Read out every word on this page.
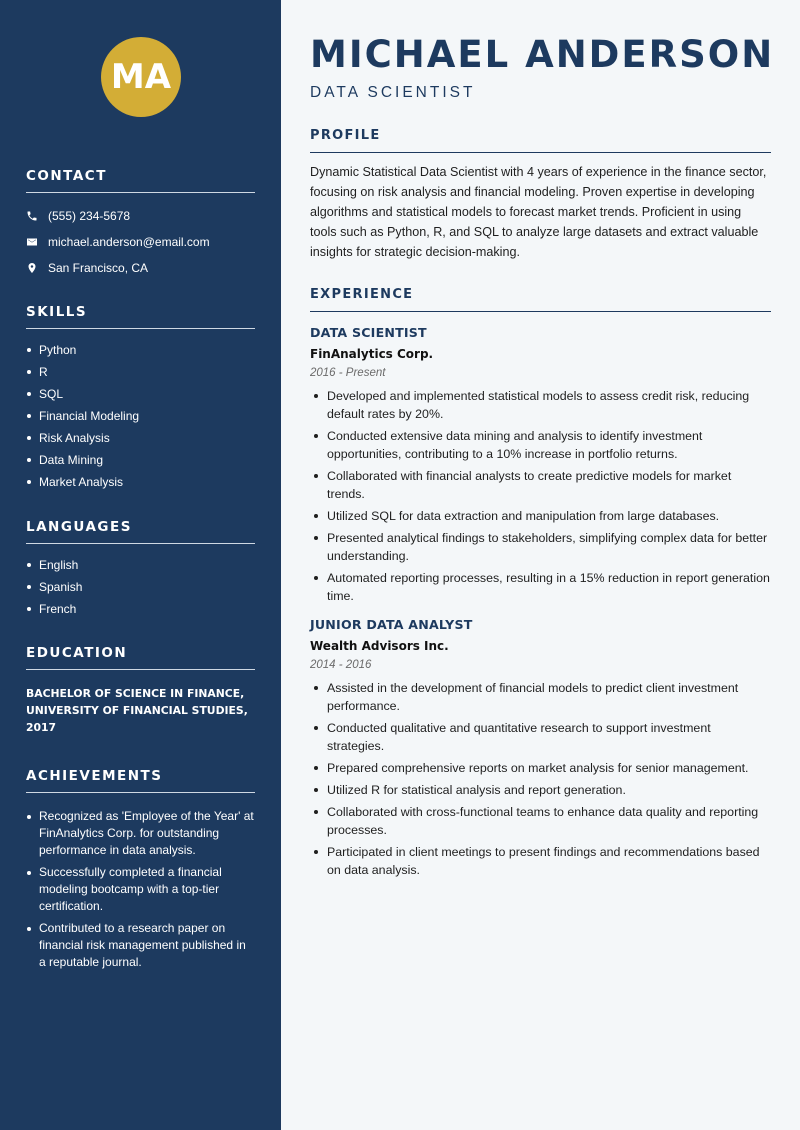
MA
CONTACT
(555) 234-5678
michael.anderson@email.com
San Francisco, CA
SKILLS
Python
R
SQL
Financial Modeling
Risk Analysis
Data Mining
Market Analysis
LANGUAGES
English
Spanish
French
EDUCATION
BACHELOR OF SCIENCE IN FINANCE, UNIVERSITY OF FINANCIAL STUDIES, 2017
ACHIEVEMENTS
Recognized as 'Employee of the Year' at FinAnalytics Corp. for outstanding performance in data analysis.
Successfully completed a financial modeling bootcamp with a top-tier certification.
Contributed to a research paper on financial risk management published in a reputable journal.
MICHAEL ANDERSON
DATA SCIENTIST
PROFILE
Dynamic Statistical Data Scientist with 4 years of experience in the finance sector, focusing on risk analysis and financial modeling. Proven expertise in developing algorithms and statistical models to forecast market trends. Proficient in using tools such as Python, R, and SQL to analyze large datasets and extract valuable insights for strategic decision-making.
EXPERIENCE
DATA SCIENTIST
FinAnalytics Corp.
2016 - Present
Developed and implemented statistical models to assess credit risk, reducing default rates by 20%.
Conducted extensive data mining and analysis to identify investment opportunities, contributing to a 10% increase in portfolio returns.
Collaborated with financial analysts to create predictive models for market trends.
Utilized SQL for data extraction and manipulation from large databases.
Presented analytical findings to stakeholders, simplifying complex data for better understanding.
Automated reporting processes, resulting in a 15% reduction in report generation time.
JUNIOR DATA ANALYST
Wealth Advisors Inc.
2014 - 2016
Assisted in the development of financial models to predict client investment performance.
Conducted qualitative and quantitative research to support investment strategies.
Prepared comprehensive reports on market analysis for senior management.
Utilized R for statistical analysis and report generation.
Collaborated with cross-functional teams to enhance data quality and reporting processes.
Participated in client meetings to present findings and recommendations based on data analysis.
